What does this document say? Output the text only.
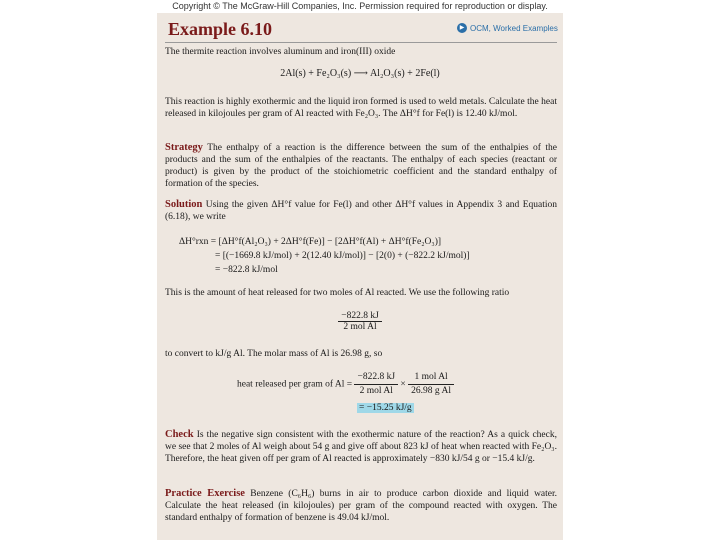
Copyright © The McGraw-Hill Companies, Inc. Permission required for reproduction or display.
Example 6.10	▶ OCM, Worked Examples
The thermite reaction involves aluminum and iron(III) oxide
2Al(s) + Fe₂O₃(s) ⟶ Al₂O₃(s) + 2Fe(l)
This reaction is highly exothermic and the liquid iron formed is used to weld metals. Calculate the heat released in kilojoules per gram of Al reacted with Fe₂O₃. The ΔH°f for Fe(l) is 12.40 kJ/mol.
Strategy The enthalpy of a reaction is the difference between the sum of the enthalpies of the products and the sum of the enthalpies of the reactants. The enthalpy of each species (reactant or product) is given by the product of the stoichiometric coefficient and the standard enthalpy of formation of the species.
Solution Using the given ΔH°f value for Fe(l) and other ΔH°f values in Appendix 3 and Equation (6.18), we write
ΔH°rxn = [ΔH°f(Al₂O₃) + 2ΔH°f(Fe)] − [2ΔH°f(Al) + ΔH°f(Fe₂O₃)]
= [(−1669.8 kJ/mol) + 2(12.40 kJ/mol)] − [2(0) + (−822.2 kJ/mol)]
= −822.8 kJ/mol
This is the amount of heat released for two moles of Al reacted. We use the following ratio
$\frac{-822.8 kJ}{\text{2 mol Al}}$
to convert to kJ/g Al. The molar mass of Al is 26.98 g, so
heat released per gram of $Al = \frac{-822.8 kJ}{\text{2 mol Al}} \times \frac{\text{1 mol Al}}{\text{26.98 g Al}}$
= −15.25 kJ/g
Check Is the negative sign consistent with the exothermic nature of the reaction? As a quick check, we see that 2 moles of Al weigh about 54 g and give off about 823 kJ of heat when reacted with Fe₂O₃. Therefore, the heat given off per gram of Al reacted is approximately −830 kJ/54 g or −15.4 kJ/g.
Practice Exercise Benzene (C₆H₆) burns in air to produce carbon dioxide and liquid water. Calculate the heat released (in kilojoules) per gram of the compound reacted with oxygen. The standard enthalpy of formation of benzene is 49.04 kJ/mol.
